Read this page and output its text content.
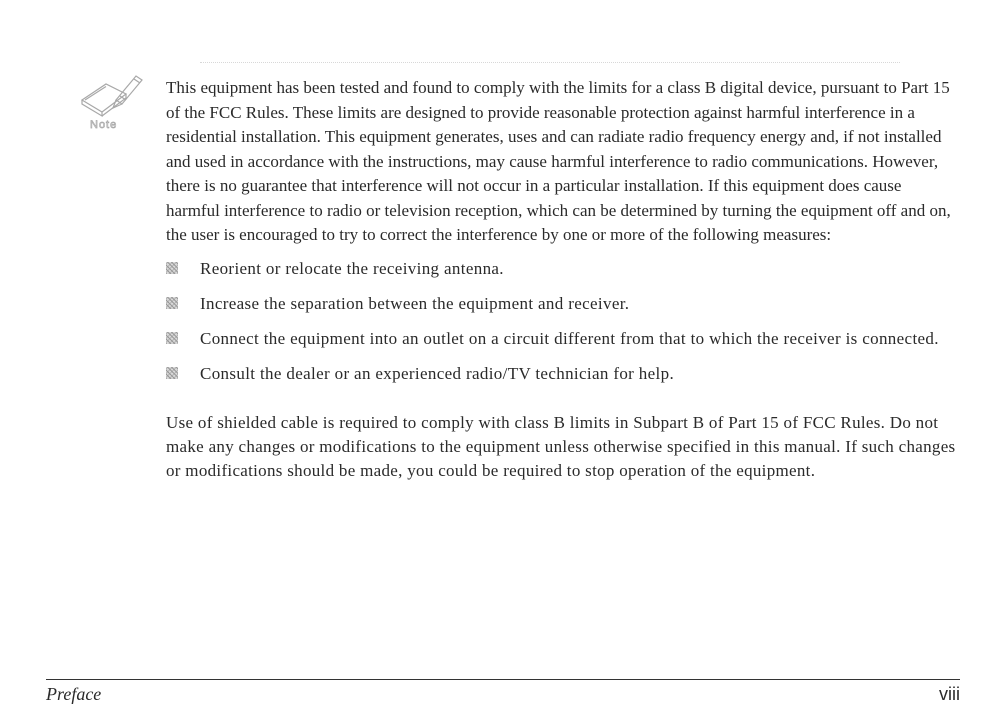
Note

This equipment has been tested and found to comply with the limits for a class B digital device, pursuant to Part 15 of the FCC Rules. These limits are designed to provide reasonable protection against harmful interference in a residential installation. This equipment generates, uses and can radiate radio frequency energy and, if not installed and used in accordance with the instructions, may cause harmful interference to radio communications. However, there is no guarantee that interference will not occur in a particular installation. If this equipment does cause harmful interference to radio or television reception, which can be determined by turning the equipment off and on, the user is encouraged to try to correct the interference by one or more of the following measures:

Reorient or relocate the receiving antenna.
Increase the separation between the equipment and receiver.
Connect the equipment into an outlet on a circuit different from that to which the receiver is connected.
Consult the dealer or an experienced radio/TV technician for help.

Use of shielded cable is required to comply with class B limits in Subpart B of Part 15 of FCC Rules. Do not make any changes or modifications to the equipment unless otherwise specified in this manual. If such changes or modifications should be made, you could be required to stop operation of the equipment.

Preface	viii
